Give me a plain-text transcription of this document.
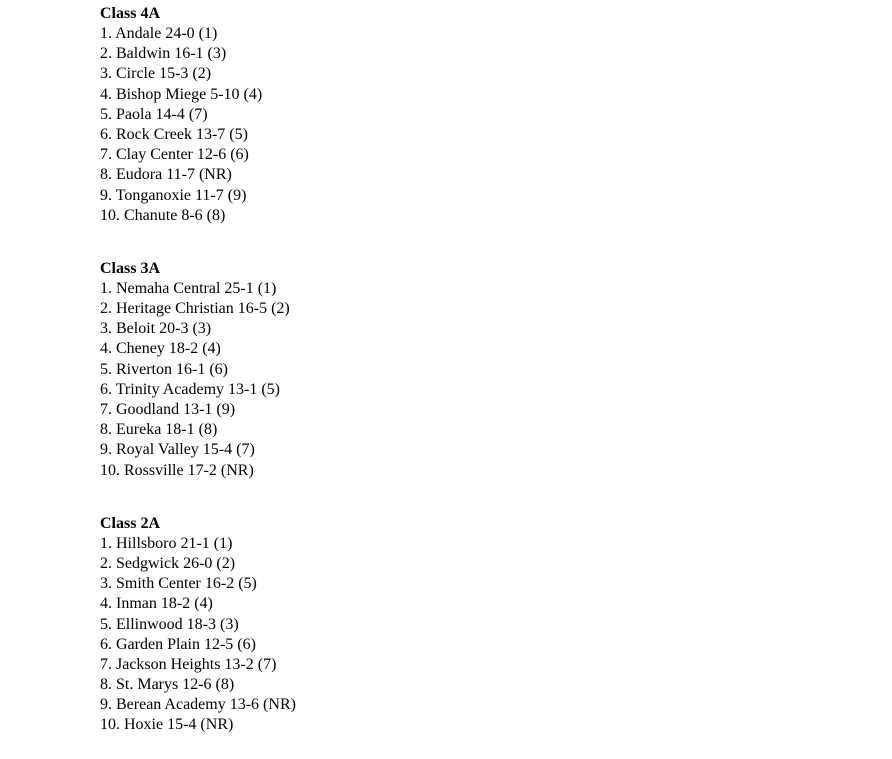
Class 4A
1. Andale 24-0 (1)
2. Baldwin 16-1 (3)
3. Circle 15-3 (2)
4. Bishop Miege 5-10 (4)
5. Paola 14-4 (7)
6. Rock Creek 13-7 (5)
7. Clay Center 12-6 (6)
8. Eudora 11-7 (NR)
9. Tonganoxie 11-7 (9)
10. Chanute 8-6 (8)
Class 3A
1. Nemaha Central 25-1 (1)
2. Heritage Christian 16-5 (2)
3. Beloit 20-3 (3)
4. Cheney 18-2 (4)
5. Riverton 16-1 (6)
6. Trinity Academy 13-1 (5)
7. Goodland 13-1 (9)
8. Eureka 18-1 (8)
9. Royal Valley 15-4 (7)
10. Rossville 17-2 (NR)
Class 2A
1. Hillsboro 21-1 (1)
2. Sedgwick 26-0 (2)
3. Smith Center 16-2 (5)
4. Inman 18-2 (4)
5. Ellinwood 18-3 (3)
6. Garden Plain 12-5 (6)
7. Jackson Heights 13-2 (7)
8. St. Marys 12-6 (8)
9. Berean Academy 13-6 (NR)
10. Hoxie 15-4 (NR)
